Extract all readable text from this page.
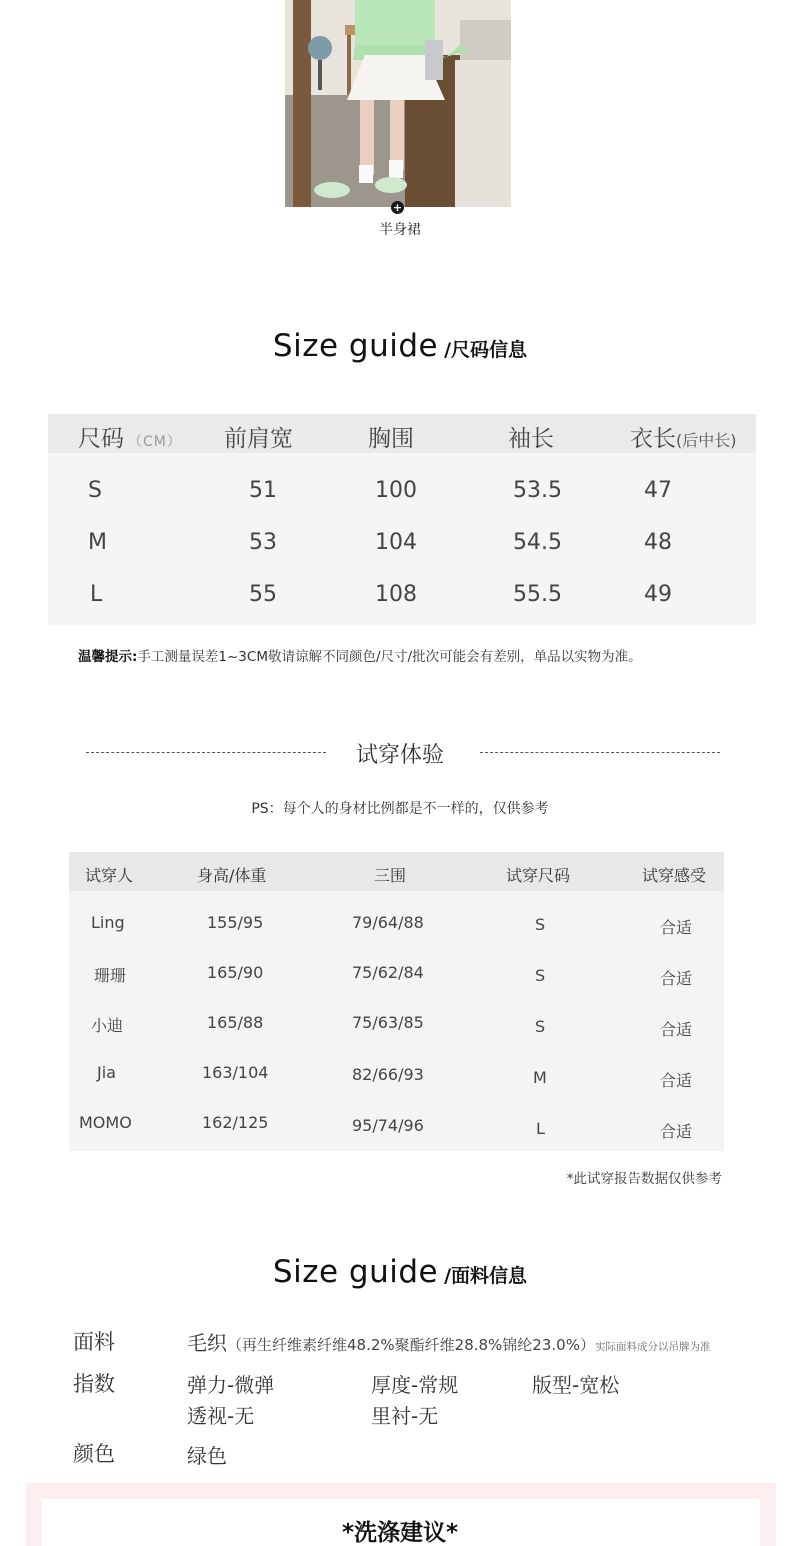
+
半身裙
Size guide /尺码信息
尺码 （CM） 前肩宽	胸围	袖长	衣长(后中长)
S	51	100	53.5	47
M	53	104	54.5	48
L	55	108	55.5	49
温馨提示:手工测量误差1~3CM敬请谅解不同颜色/尺寸/批次可能会有差别，单品以实物为准。
试穿体验
PS：每个人的身材比例都是不一样的，仅供参考
试穿人	身高/体重	三围	试穿尺码	试穿感受
Ling	155/95	79/64/88	S	合适
珊珊	165/90	75/62/84	S	合适
小迪	165/88	75/63/85	S	合适
Jia	163/104	82/66/93	M	合适
MOMO	162/125	95/74/96	L	合适
*此试穿报告数据仅供参考
Size guide /面料信息
面料	毛织（再生纤维素纤维48.2%聚酯纤维28.8%锦纶23.0%）实际面料成分以吊牌为准
指数	弹力-微弹	厚度-常规	版型-宽松
透视-无	里衬-无
颜色	绿色
*洗涤建议*
